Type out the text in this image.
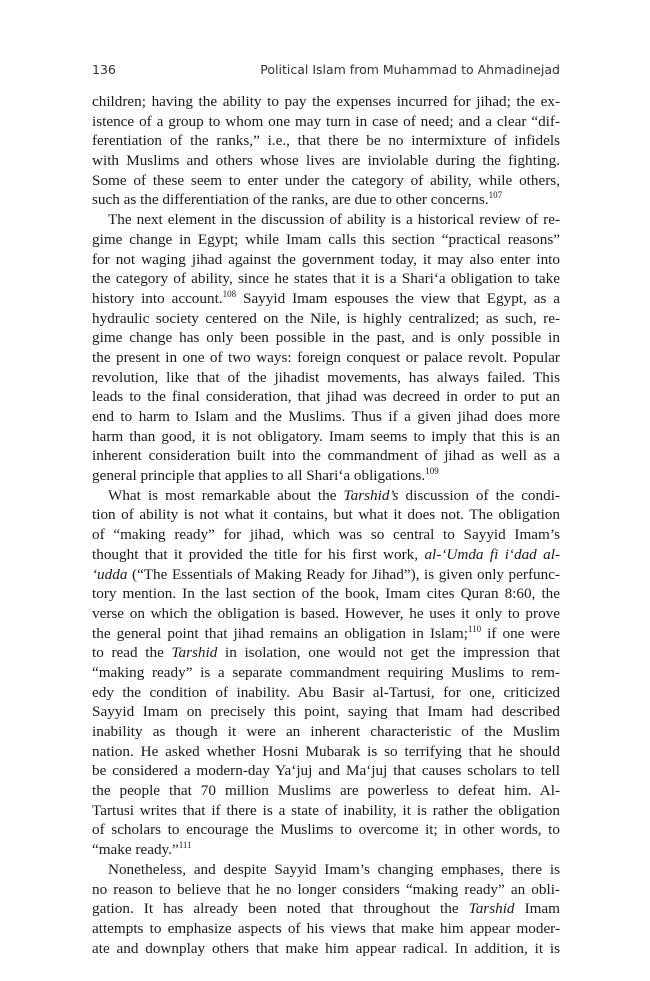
136	Political Islam from Muhammad to Ahmadinejad
children; having the ability to pay the expenses incurred for jihad; the ex-
istence of a group to whom one may turn in case of need; and a clear “dif-
ferentiation of the ranks,” i.e., that there be no intermixture of infidels
with Muslims and others whose lives are inviolable during the fighting.
Some of these seem to enter under the category of ability, while others,
such as the differentiation of the ranks, are due to other concerns.$^{107}$
The next element in the discussion of ability is a historical review of re-
gime change in Egypt; while Imam calls this section “practical reasons”
for not waging jihad against the government today, it may also enter into
the category of ability, since he states that it is a Shari‘a obligation to take
history into account.$^{108}$ Sayyid Imam espouses the view that Egypt, as a
hydraulic society centered on the Nile, is highly centralized; as such, re-
gime change has only been possible in the past, and is only possible in
the present in one of two ways: foreign conquest or palace revolt. Popular
revolution, like that of the jihadist movements, has always failed. This
leads to the final consideration, that jihad was decreed in order to put an
end to harm to Islam and the Muslims. Thus if a given jihad does more
harm than good, it is not obligatory. Imam seems to imply that this is an
inherent consideration built into the commandment of jihad as well as a
general principle that applies to all Shari‘a obligations.$^{109}$
What is most remarkable about the Tarshid’s discussion of the condi-
tion of ability is not what it contains, but what it does not. The obligation
of “making ready” for jihad, which was so central to Sayyid Imam’s
thought that it provided the title for his first work, al-‘Umda fi i‘dad al-
‘udda (“The Essentials of Making Ready for Jihad”), is given only perfunc-
tory mention. In the last section of the book, Imam cites Quran 8:60, the
verse on which the obligation is based. However, he uses it only to prove
the general point that jihad remains an obligation in Islam;$^{110}$ if one were
to read the Tarshid in isolation, one would not get the impression that
“making ready” is a separate commandment requiring Muslims to rem-
edy the condition of inability. Abu Basir al-Tartusi, for one, criticized
Sayyid Imam on precisely this point, saying that Imam had described
inability as though it were an inherent characteristic of the Muslim
nation. He asked whether Hosni Mubarak is so terrifying that he should
be considered a modern-day Ya‘juj and Ma‘juj that causes scholars to tell
the people that 70 million Muslims are powerless to defeat him. Al-
Tartusi writes that if there is a state of inability, it is rather the obligation
of scholars to encourage the Muslims to overcome it; in other words, to
“make ready.”$^{111}$
Nonetheless, and despite Sayyid Imam’s changing emphases, there is
no reason to believe that he no longer considers “making ready” an obli-
gation. It has already been noted that throughout the Tarshid Imam
attempts to emphasize aspects of his views that make him appear moder-
ate and downplay others that make him appear radical. In addition, it is
